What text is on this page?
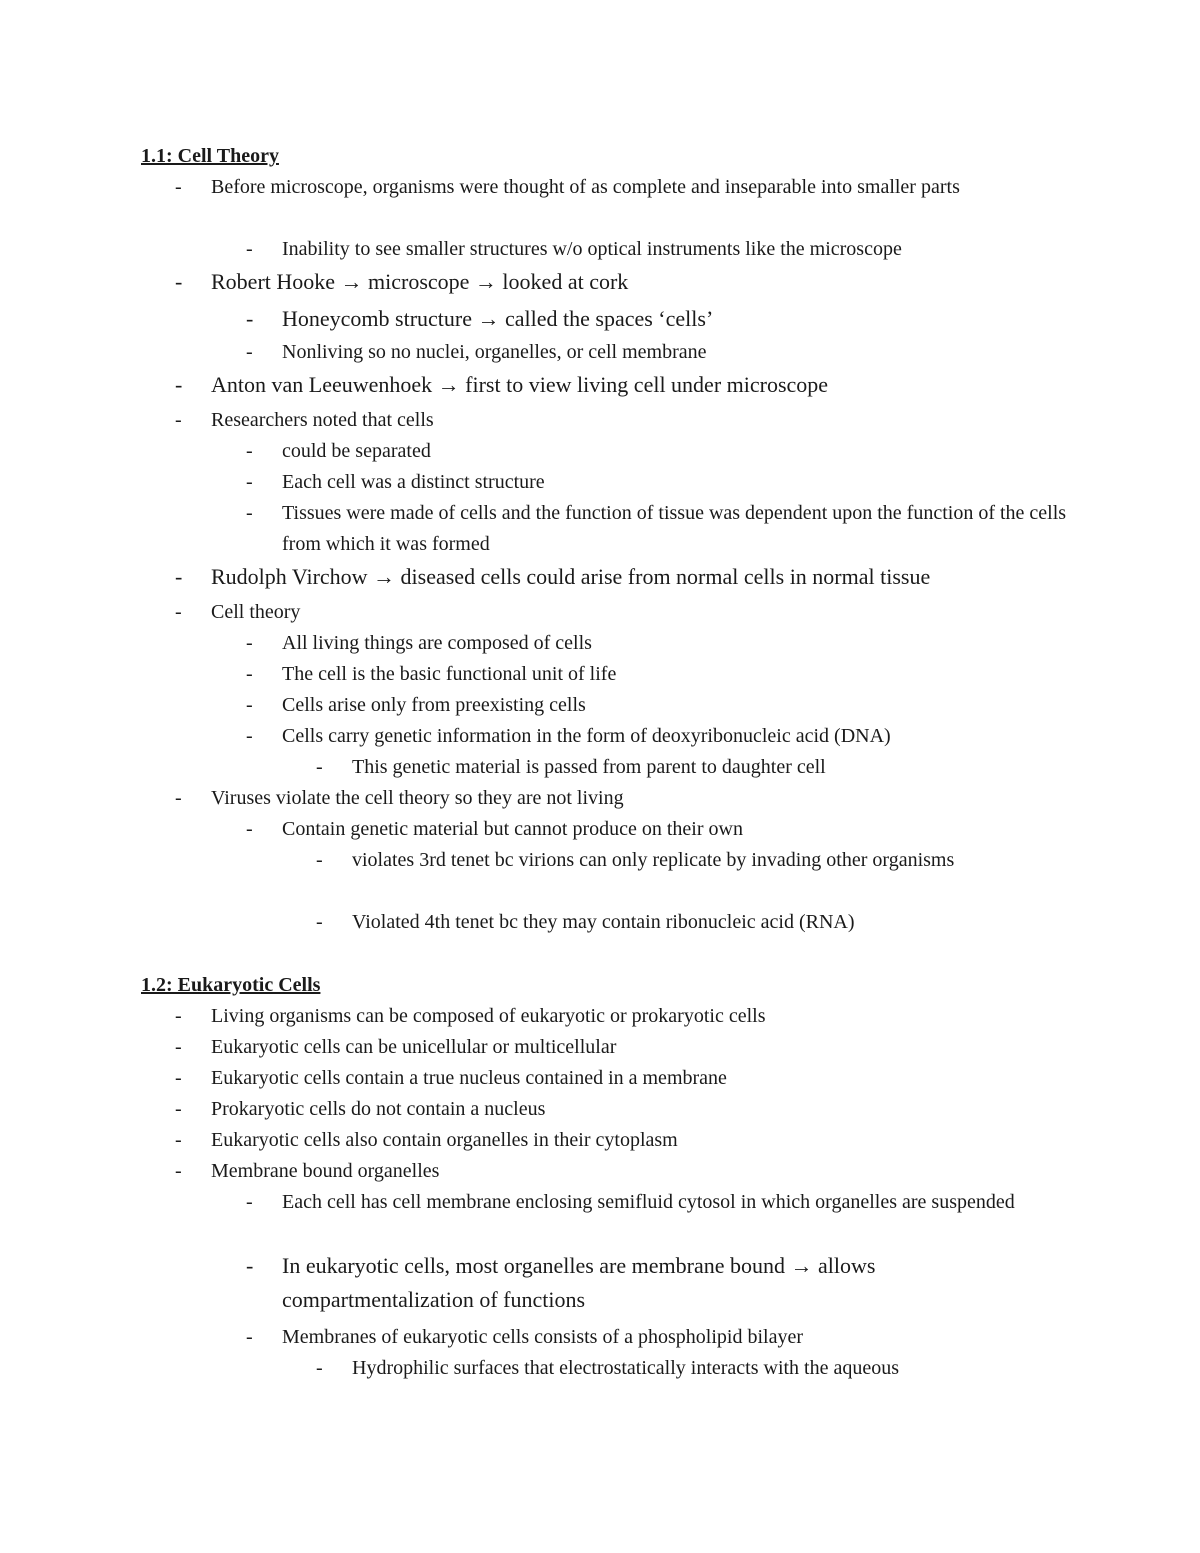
1.1: Cell Theory
- Before microscope, organisms were thought of as complete and inseparable into smaller parts
- Inability to see smaller structures w/o optical instruments like the microscope
- Robert Hooke → microscope → looked at cork
- Honeycomb structure → called the spaces ‘cells’
- Nonliving so no nuclei, organelles, or cell membrane
- Anton van Leeuwenhoek → first to view living cell under microscope
- Researchers noted that cells
- could be separated
- Each cell was a distinct structure
- Tissues were made of cells and the function of tissue was dependent upon the function of the cells from which it was formed
- Rudolph Virchow → diseased cells could arise from normal cells in normal tissue
- Cell theory
- All living things are composed of cells
- The cell is the basic functional unit of life
- Cells arise only from preexisting cells
- Cells carry genetic information in the form of deoxyribonucleic acid (DNA)
- This genetic material is passed from parent to daughter cell
- Viruses violate the cell theory so they are not living
- Contain genetic material but cannot produce on their own
- violates 3rd tenet bc virions can only replicate by invading other organisms
- Violated 4th tenet bc they may contain ribonucleic acid (RNA)
1.2: Eukaryotic Cells
- Living organisms can be composed of eukaryotic or prokaryotic cells
- Eukaryotic cells can be unicellular or multicellular
- Eukaryotic cells contain a true nucleus contained in a membrane
- Prokaryotic cells do not contain a nucleus
- Eukaryotic cells also contain organelles in their cytoplasm
- Membrane bound organelles
- Each cell has cell membrane enclosing semifluid cytosol in which organelles are suspended
- In eukaryotic cells, most organelles are membrane bound → allows compartmentalization of functions
- Membranes of eukaryotic cells consists of a phospholipid bilayer
- Hydrophilic surfaces that electrostatically interacts with the aqueous
